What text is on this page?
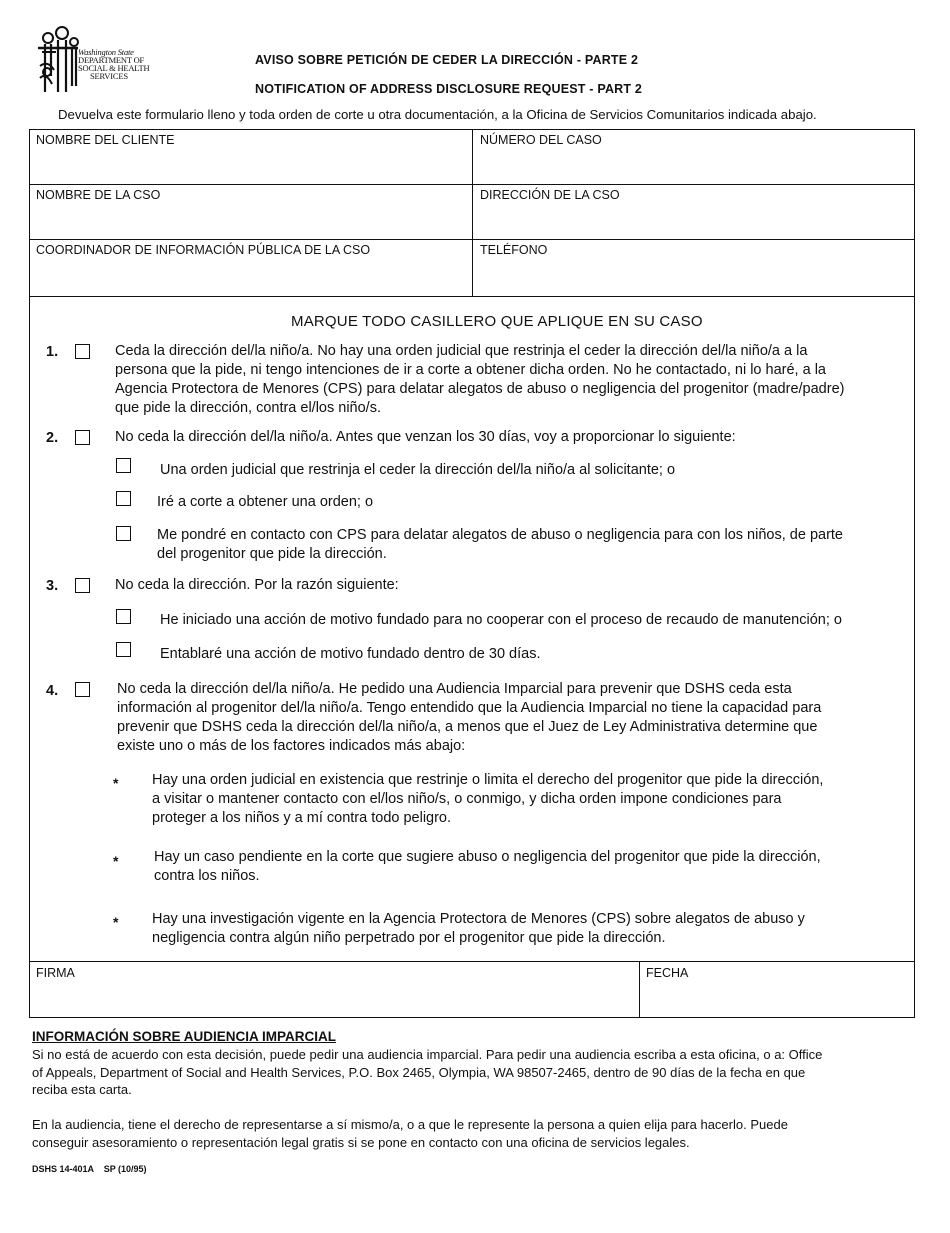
Washington State
DEPARTMENT OF
SOCIAL & HEALTH
SERVICES
AVISO SOBRE PETICIÓN DE CEDER LA DIRECCIÓN - PARTE 2
NOTIFICATION OF ADDRESS DISCLOSURE REQUEST - PART 2
Devuelva este formulario lleno y toda orden de corte u otra documentación, a la Oficina de Servicios Comunitarios indicada abajo.
NOMBRE DEL CLIENTE	NÚMERO DEL CASO
NOMBRE DE LA CSO	DIRECCIÓN DE LA CSO
COORDINADOR DE INFORMACIÓN PÚBLICA DE LA CSO	TELÉFONO
MARQUE TODO CASILLERO QUE APLIQUE EN SU CASO
1.	Ceda la dirección del/la niño/a. No hay una orden judicial que restrinja el ceder la dirección del/la niño/a a la
persona que la pide, ni tengo intenciones de ir a corte a obtener dicha orden. No he contactado, ni lo haré, a la
Agencia Protectora de Menores (CPS) para delatar alegatos de abuso o negligencia del progenitor (madre/padre)
que pide la dirección, contra el/los niño/s.
2.	No ceda la dirección del/la niño/a. Antes que venzan los 30 días, voy a proporcionar lo siguiente:
Una orden judicial que restrinja el ceder la dirección del/la niño/a al solicitante; o
Iré a corte a obtener una orden; o
Me pondré en contacto con CPS para delatar alegatos de abuso o negligencia para con los niños, de parte
del progenitor que pide la dirección.
3.	No ceda la dirección. Por la razón siguiente:
He iniciado una acción de motivo fundado para no cooperar con el proceso de recaudo de manutención; o
Entablaré una acción de motivo fundado dentro de 30 días.
4.	No ceda la dirección del/la niño/a. He pedido una Audiencia Imparcial para prevenir que DSHS ceda esta
información al progenitor del/la niño/a. Tengo entendido que la Audiencia Imparcial no tiene la capacidad para
prevenir que DSHS ceda la dirección del/la niño/a, a menos que el Juez de Ley Administrativa determine que
existe uno o más de los factores indicados más abajo:
* Hay una orden judicial en existencia que restrinje o limita el derecho del progenitor que pide la dirección,
a visitar o mantener contacto con el/los niño/s, o conmigo, y dicha orden impone condiciones para
proteger a los niños y a mí contra todo peligro.
* Hay un caso pendiente en la corte que sugiere abuso o negligencia del progenitor que pide la dirección,
contra los niños.
* Hay una investigación vigente en la Agencia Protectora de Menores (CPS) sobre alegatos de abuso y
negligencia contra algún niño perpetrado por el progenitor que pide la dirección.
FIRMA	FECHA
INFORMACIÓN SOBRE AUDIENCIA IMPARCIAL
Si no está de acuerdo con esta decisión, puede pedir una audiencia imparcial. Para pedir una audiencia escriba a esta oficina, o a: Office
of Appeals, Department of Social and Health Services, P.O. Box 2465, Olympia, WA 98507-2465, dentro de 90 días de la fecha en que
reciba esta carta.
En la audiencia, tiene el derecho de representarse a sí mismo/a, o a que le represente la persona a quien elija para hacerlo. Puede
conseguir asesoramiento o representación legal gratis si se pone en contacto con una oficina de servicios legales.
DSHS 14-401A    SP (10/95)
